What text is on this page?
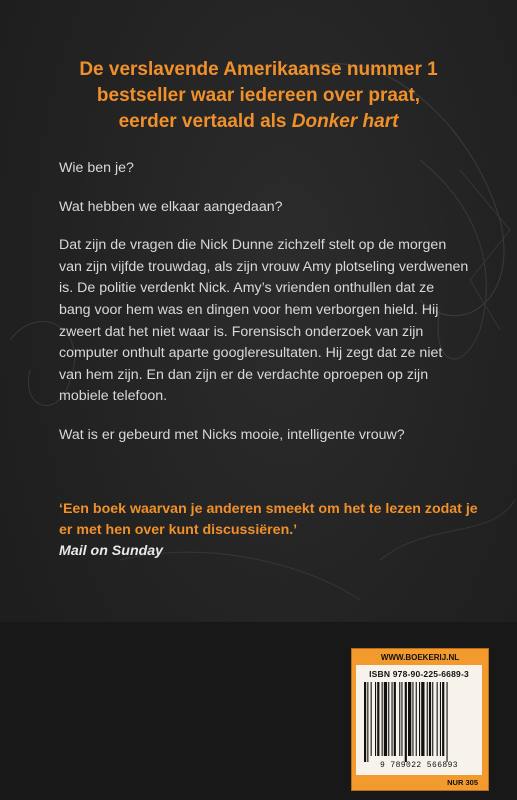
De verslavende Amerikaanse nummer 1
bestseller waar iedereen over praat,
eerder vertaald als Donker hart

Wie ben je?

Wat hebben we elkaar aangedaan?

Dat zijn de vragen die Nick Dunne zichzelf stelt op de morgen van zijn vijfde trouwdag, als zijn vrouw Amy plotseling verdwenen is. De politie verdenkt Nick. Amy’s vrienden onthullen dat ze bang voor hem was en dingen voor hem verborgen hield. Hij zweert dat het niet waar is. Forensisch onderzoek van zijn computer onthult aparte googleresultaten. Hij zegt dat ze niet van hem zijn. En dan zijn er de verdachte oproepen op zijn mobiele telefoon.

Wat is er gebeurd met Nicks mooie, intelligente vrouw?

‘Een boek waarvan je anderen smeekt om het te lezen zodat je er met hen over kunt discussiëren.’
Mail on Sunday
WWW.BOEKERIJ.NL
ISBN 978-90-225-6689-3
9 789022 566893
NUR 305
